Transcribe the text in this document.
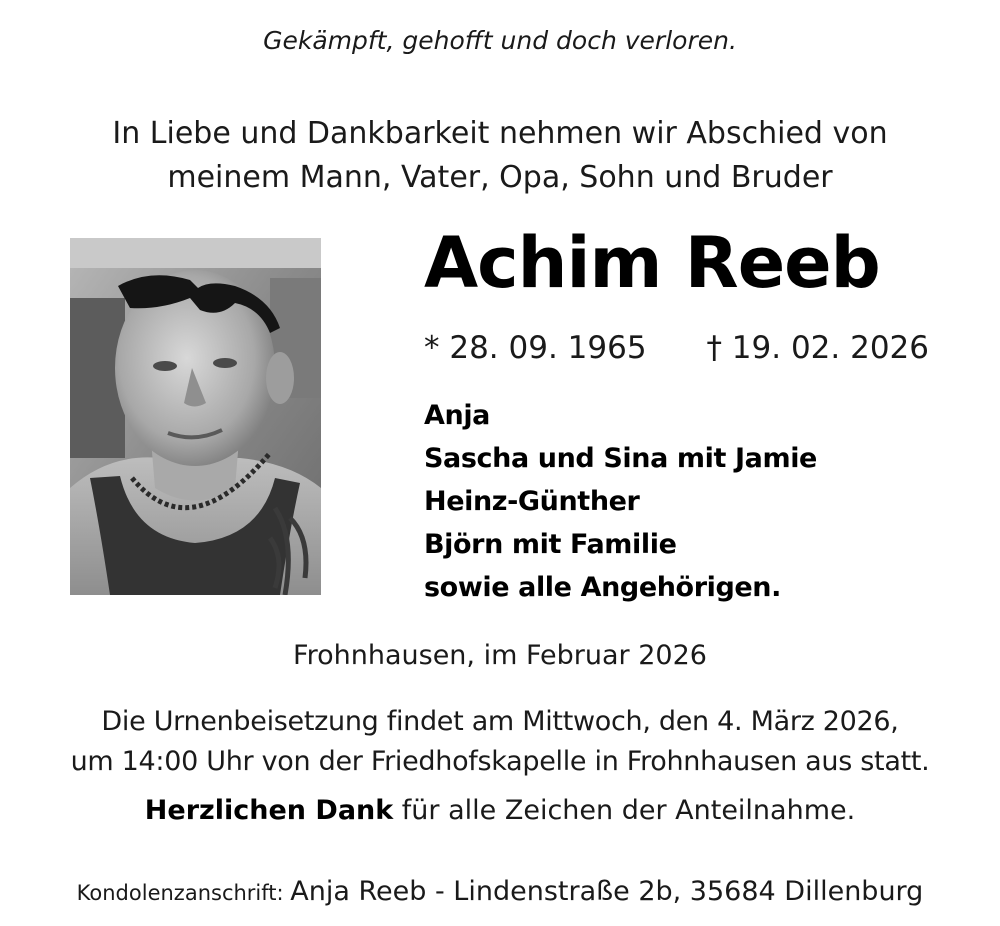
Gekämpft, gehofft und doch verloren.
In Liebe und Dankbarkeit nehmen wir Abschied von
meinem Mann, Vater, Opa, Sohn und Bruder
Achim Reeb
* 28. 09. 1965 † 19. 02. 2026
Anja
Sascha und Sina mit Jamie
Heinz-Günther
Björn mit Familie
sowie alle Angehörigen.
Frohnhausen, im Februar 2026
Die Urnenbeisetzung findet am Mittwoch, den 4. März 2026,
um 14:00 Uhr von der Friedhofskapelle in Frohnhausen aus statt.
Herzlichen Dank für alle Zeichen der Anteilnahme.
Kondolenzanschrift: Anja Reeb - Lindenstraße 2b, 35684 Dillenburg
